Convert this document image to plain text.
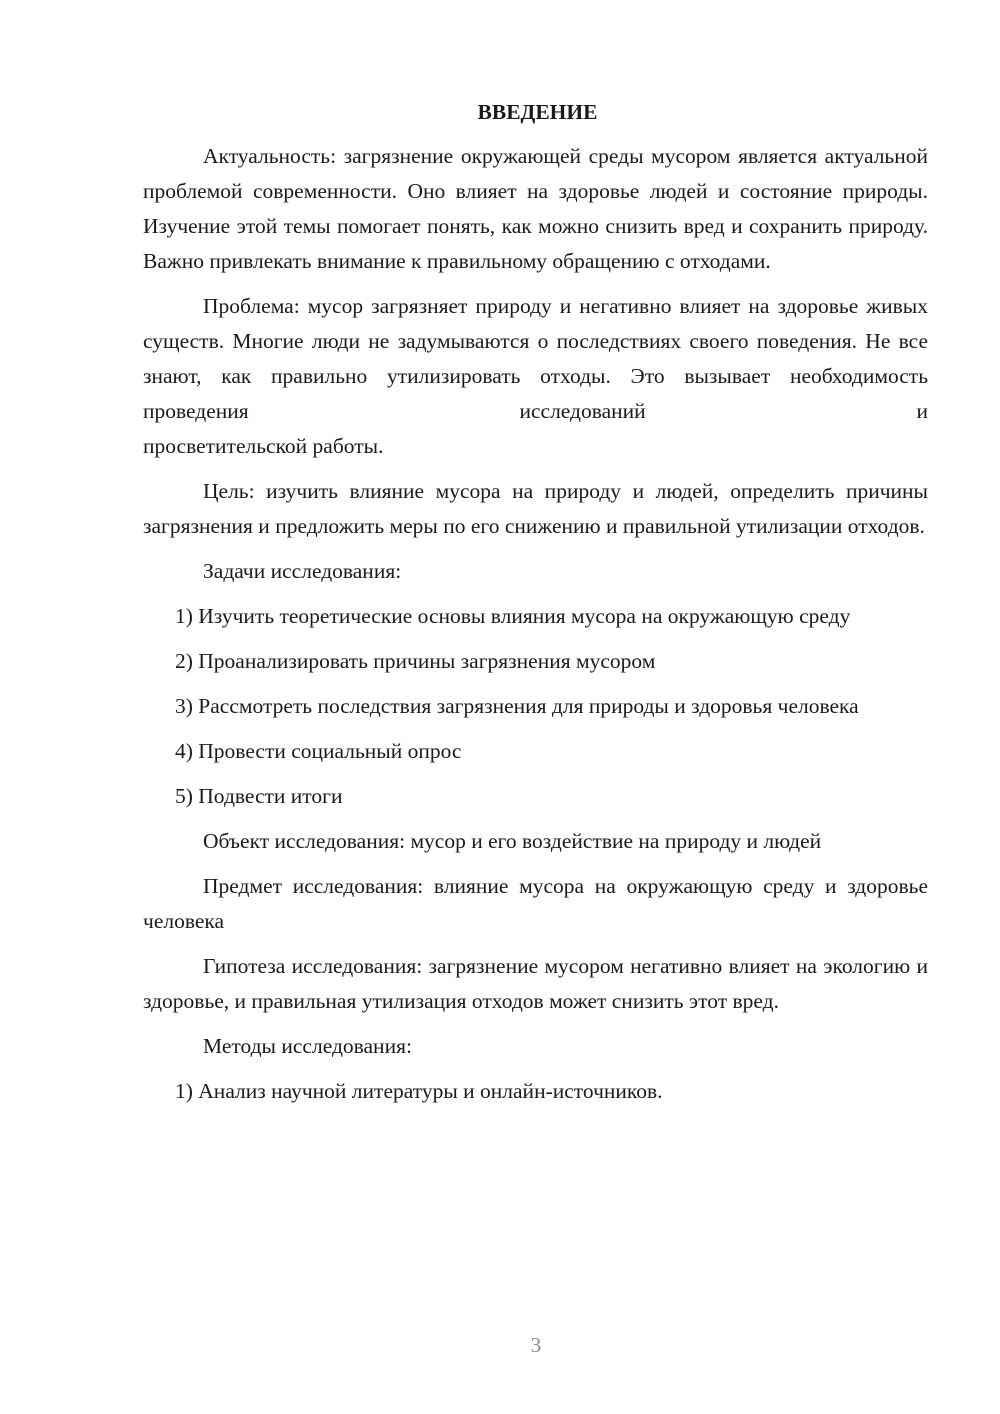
ВВЕДЕНИЕ

Актуальность: загрязнение окружающей среды мусором является актуальной проблемой современности. Оно влияет на здоровье людей и состояние природы. Изучение этой темы помогает понять, как можно снизить вред и сохранить природу. Важно привлекать внимание к правильному обращению с отходами.

Проблема: мусор загрязняет природу и негативно влияет на здоровье живых существ. Многие люди не задумываются о последствиях своего поведения. Не все знают, как правильно утилизировать отходы. Это вызывает необходимость проведения исследований и
просветительской работы.

Цель: изучить влияние мусора на природу и людей, определить причины загрязнения и предложить меры по его снижению и правильной утилизации отходов.

Задачи исследования:

1) Изучить теоретические основы влияния мусора на окружающую среду

2) Проанализировать причины загрязнения мусором

3) Рассмотреть последствия загрязнения для природы и здоровья человека

4) Провести социальный опрос

5) Подвести итоги

Объект исследования: мусор и его воздействие на природу и людей

Предмет исследования: влияние мусора на окружающую среду и здоровье человека

Гипотеза исследования: загрязнение мусором негативно влияет на экологию и здоровье, и правильная утилизация отходов может снизить этот вред.

Методы исследования:

1) Анализ научной литературы и онлайн-источников.

3
